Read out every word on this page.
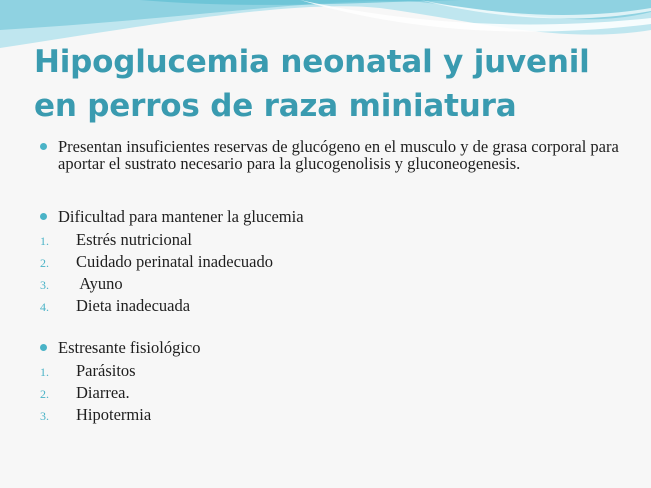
Hipoglucemia neonatal y juvenil en perros de raza miniatura
Presentan insuficientes reservas de glucógeno en el musculo y de grasa corporal para aportar el sustrato necesario para la glucogenolisis y gluconeogenesis.
Dificultad para mantener la glucemia
1. Estrés nutricional
2. Cuidado perinatal inadecuado
3. Ayuno
4. Dieta inadecuada
Estresante fisiológico
1. Parásitos
2. Diarrea.
3. Hipotermia
